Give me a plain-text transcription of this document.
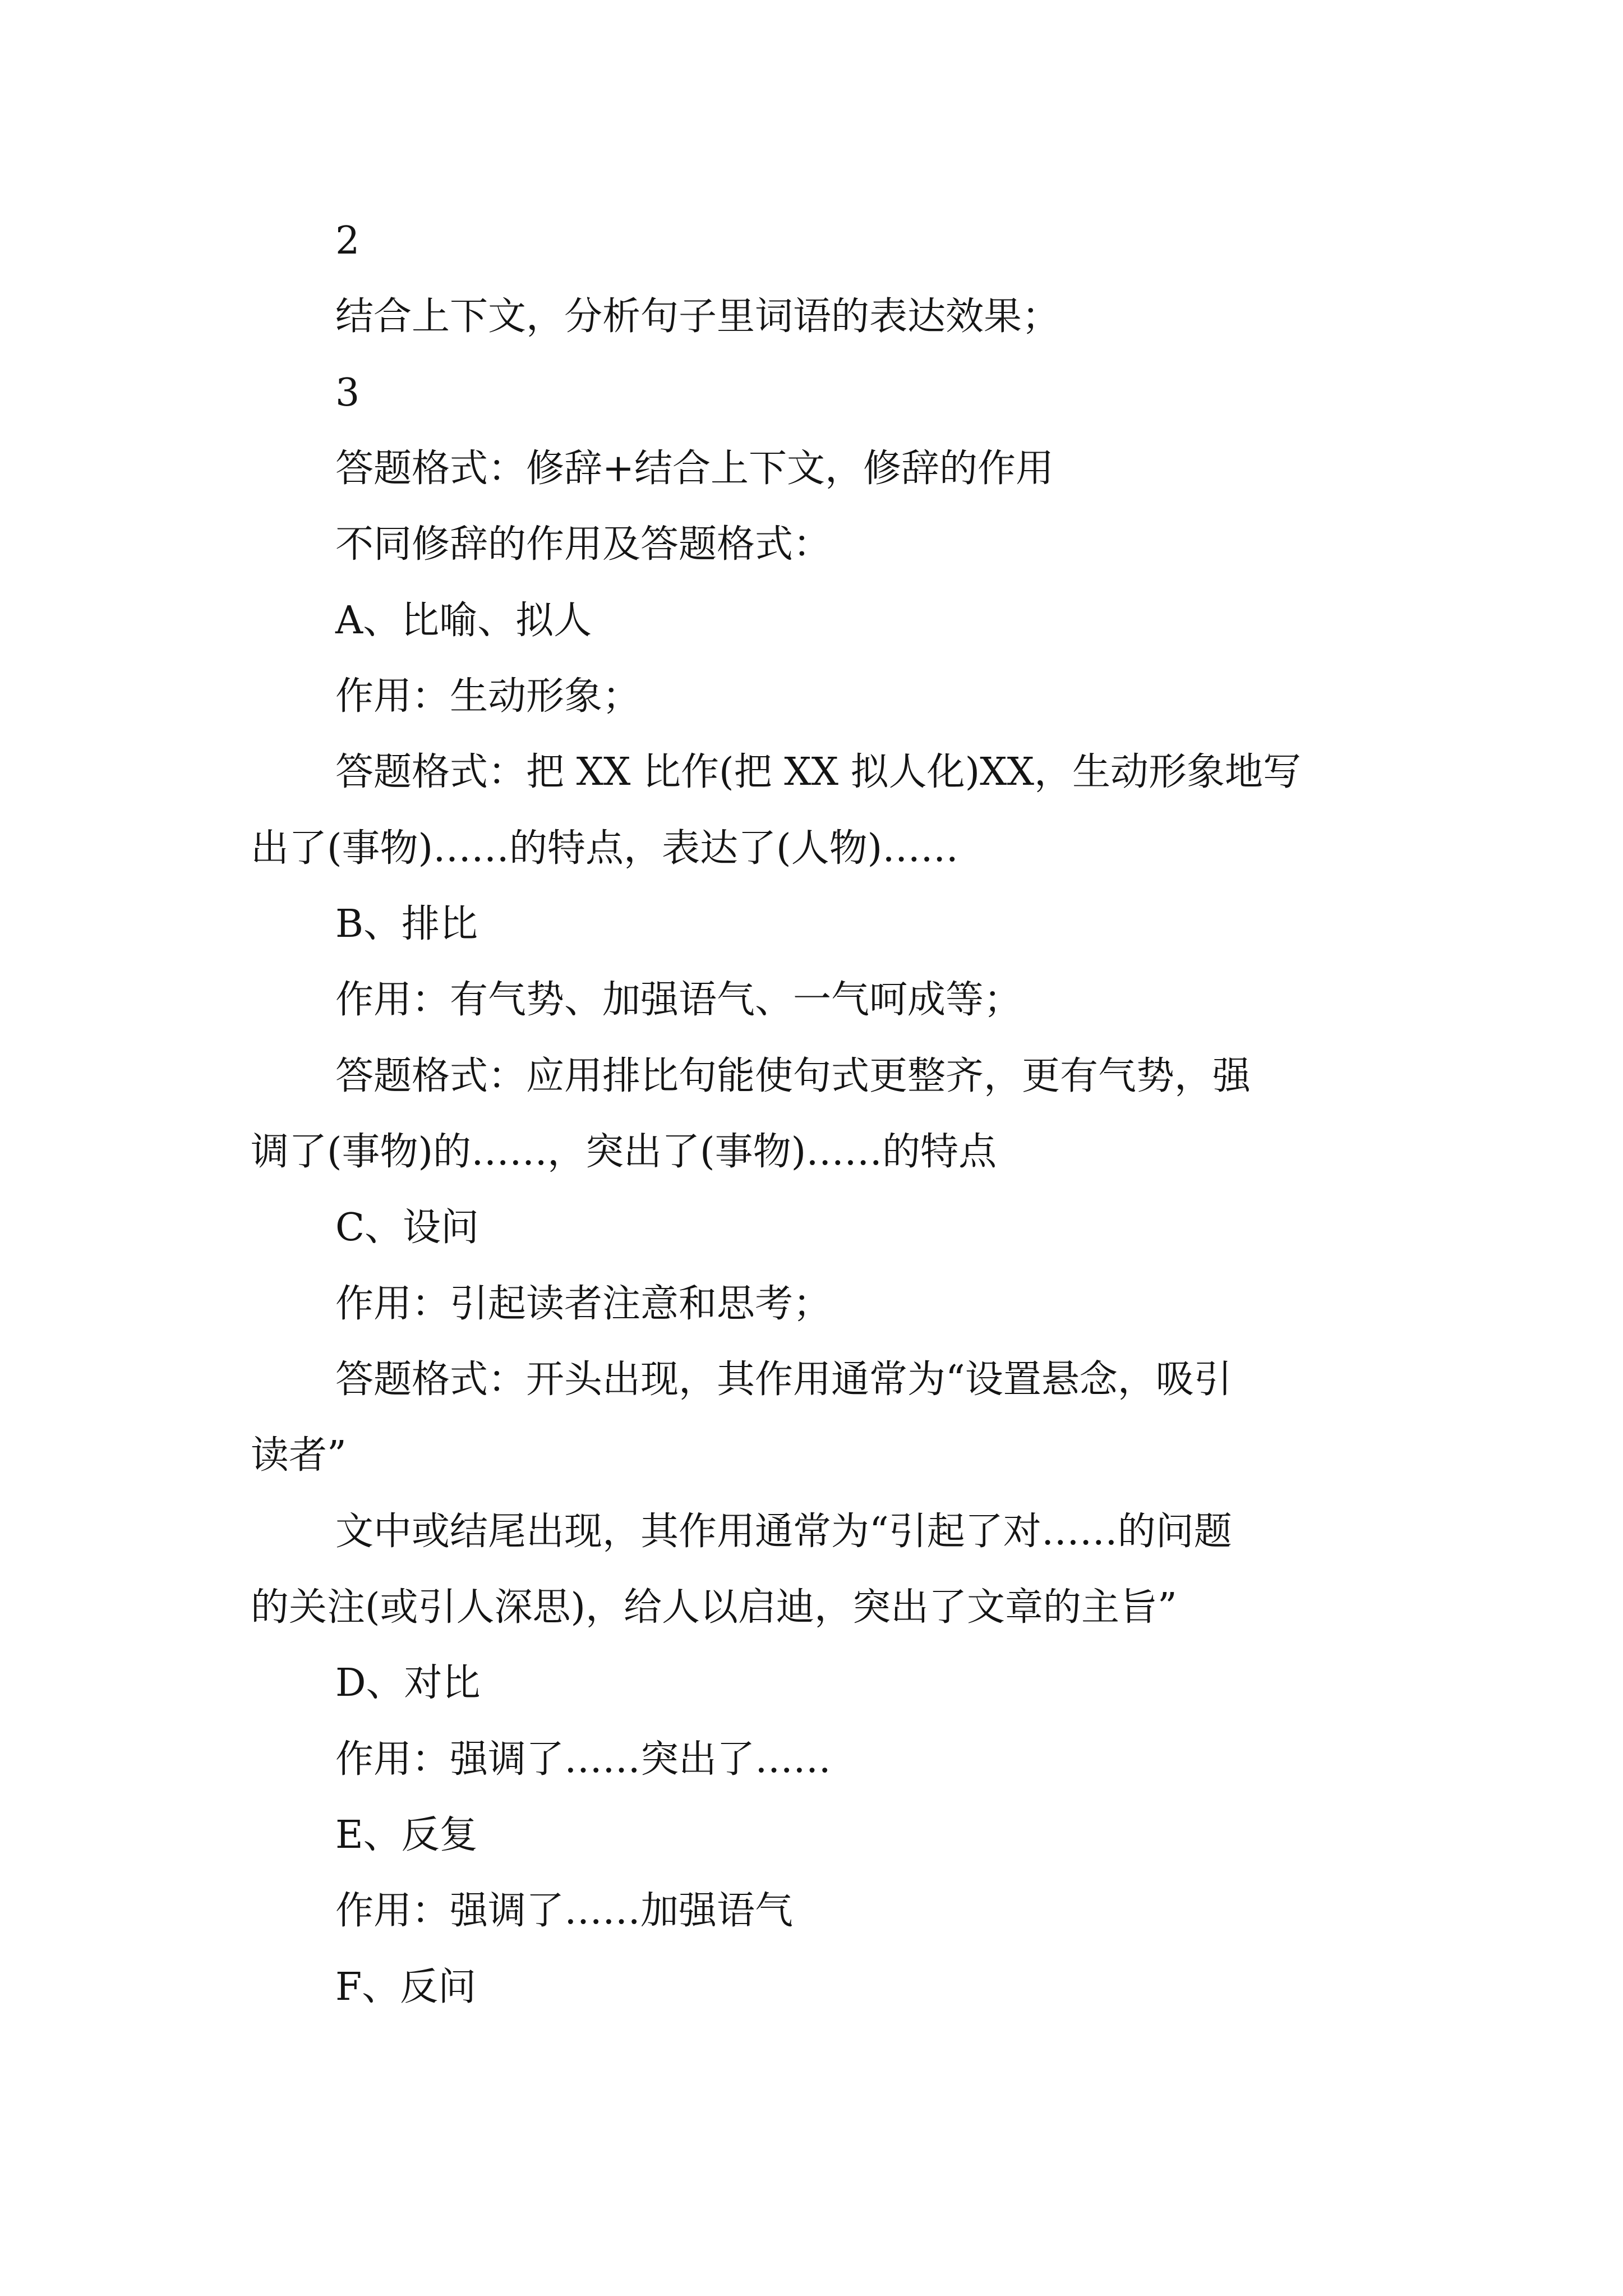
2

结合上下文，分析句子里词语的表达效果；

3

答题格式：修辞+结合上下文，修辞的作用

不同修辞的作用及答题格式：

A、比喻、拟人

作用：生动形象；

答题格式：把 XX 比作(把 XX 拟人化)XX，生动形象地写

出了(事物)……的特点，表达了(人物)……

B、排比

作用：有气势、加强语气、一气呵成等；

答题格式：应用排比句能使句式更整齐，更有气势，强

调了(事物)的……，突出了(事物)……的特点

C、设问

作用：引起读者注意和思考；

答题格式：开头出现，其作用通常为“设置悬念，吸引

读者”

文中或结尾出现，其作用通常为“引起了对……的问题

的关注(或引人深思)，给人以启迪，突出了文章的主旨”

D、对比

作用：强调了……突出了……

E、反复

作用：强调了……加强语气

F、反问
